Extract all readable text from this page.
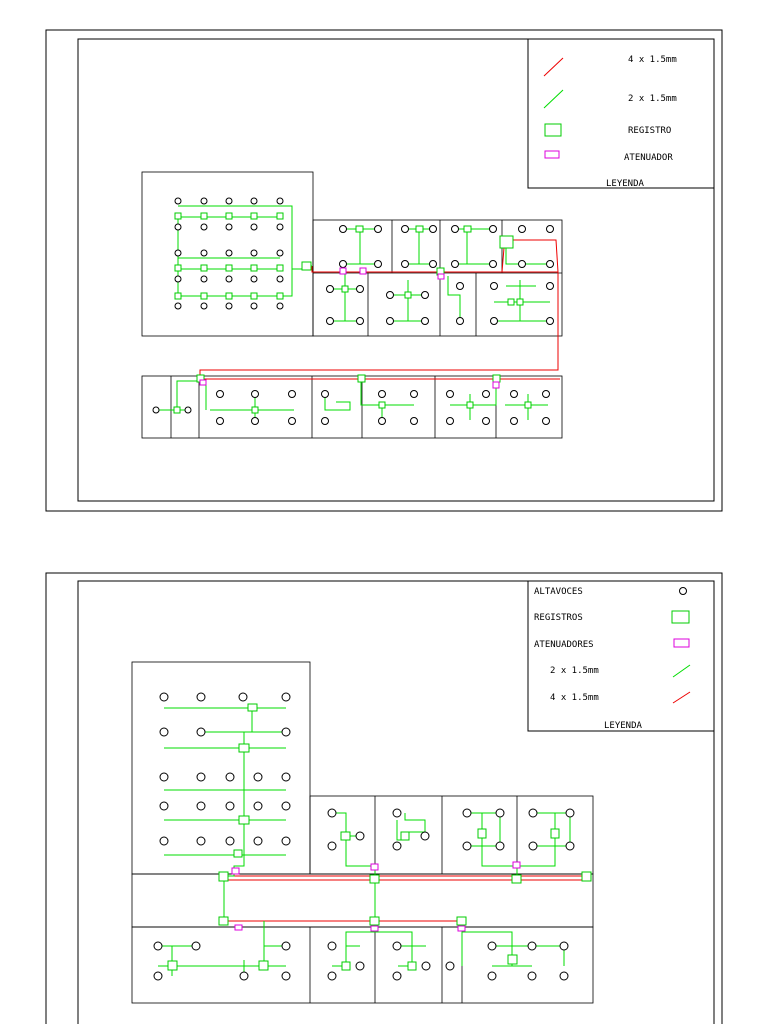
4 x 1.5mm
2 x 1.5mm
REGISTRO
ATENUADOR
LEYENDA
ALTAVOCES
REGISTROS
ATENUADORES
2 x 1.5mm
4 x 1.5mm
LEYENDA
